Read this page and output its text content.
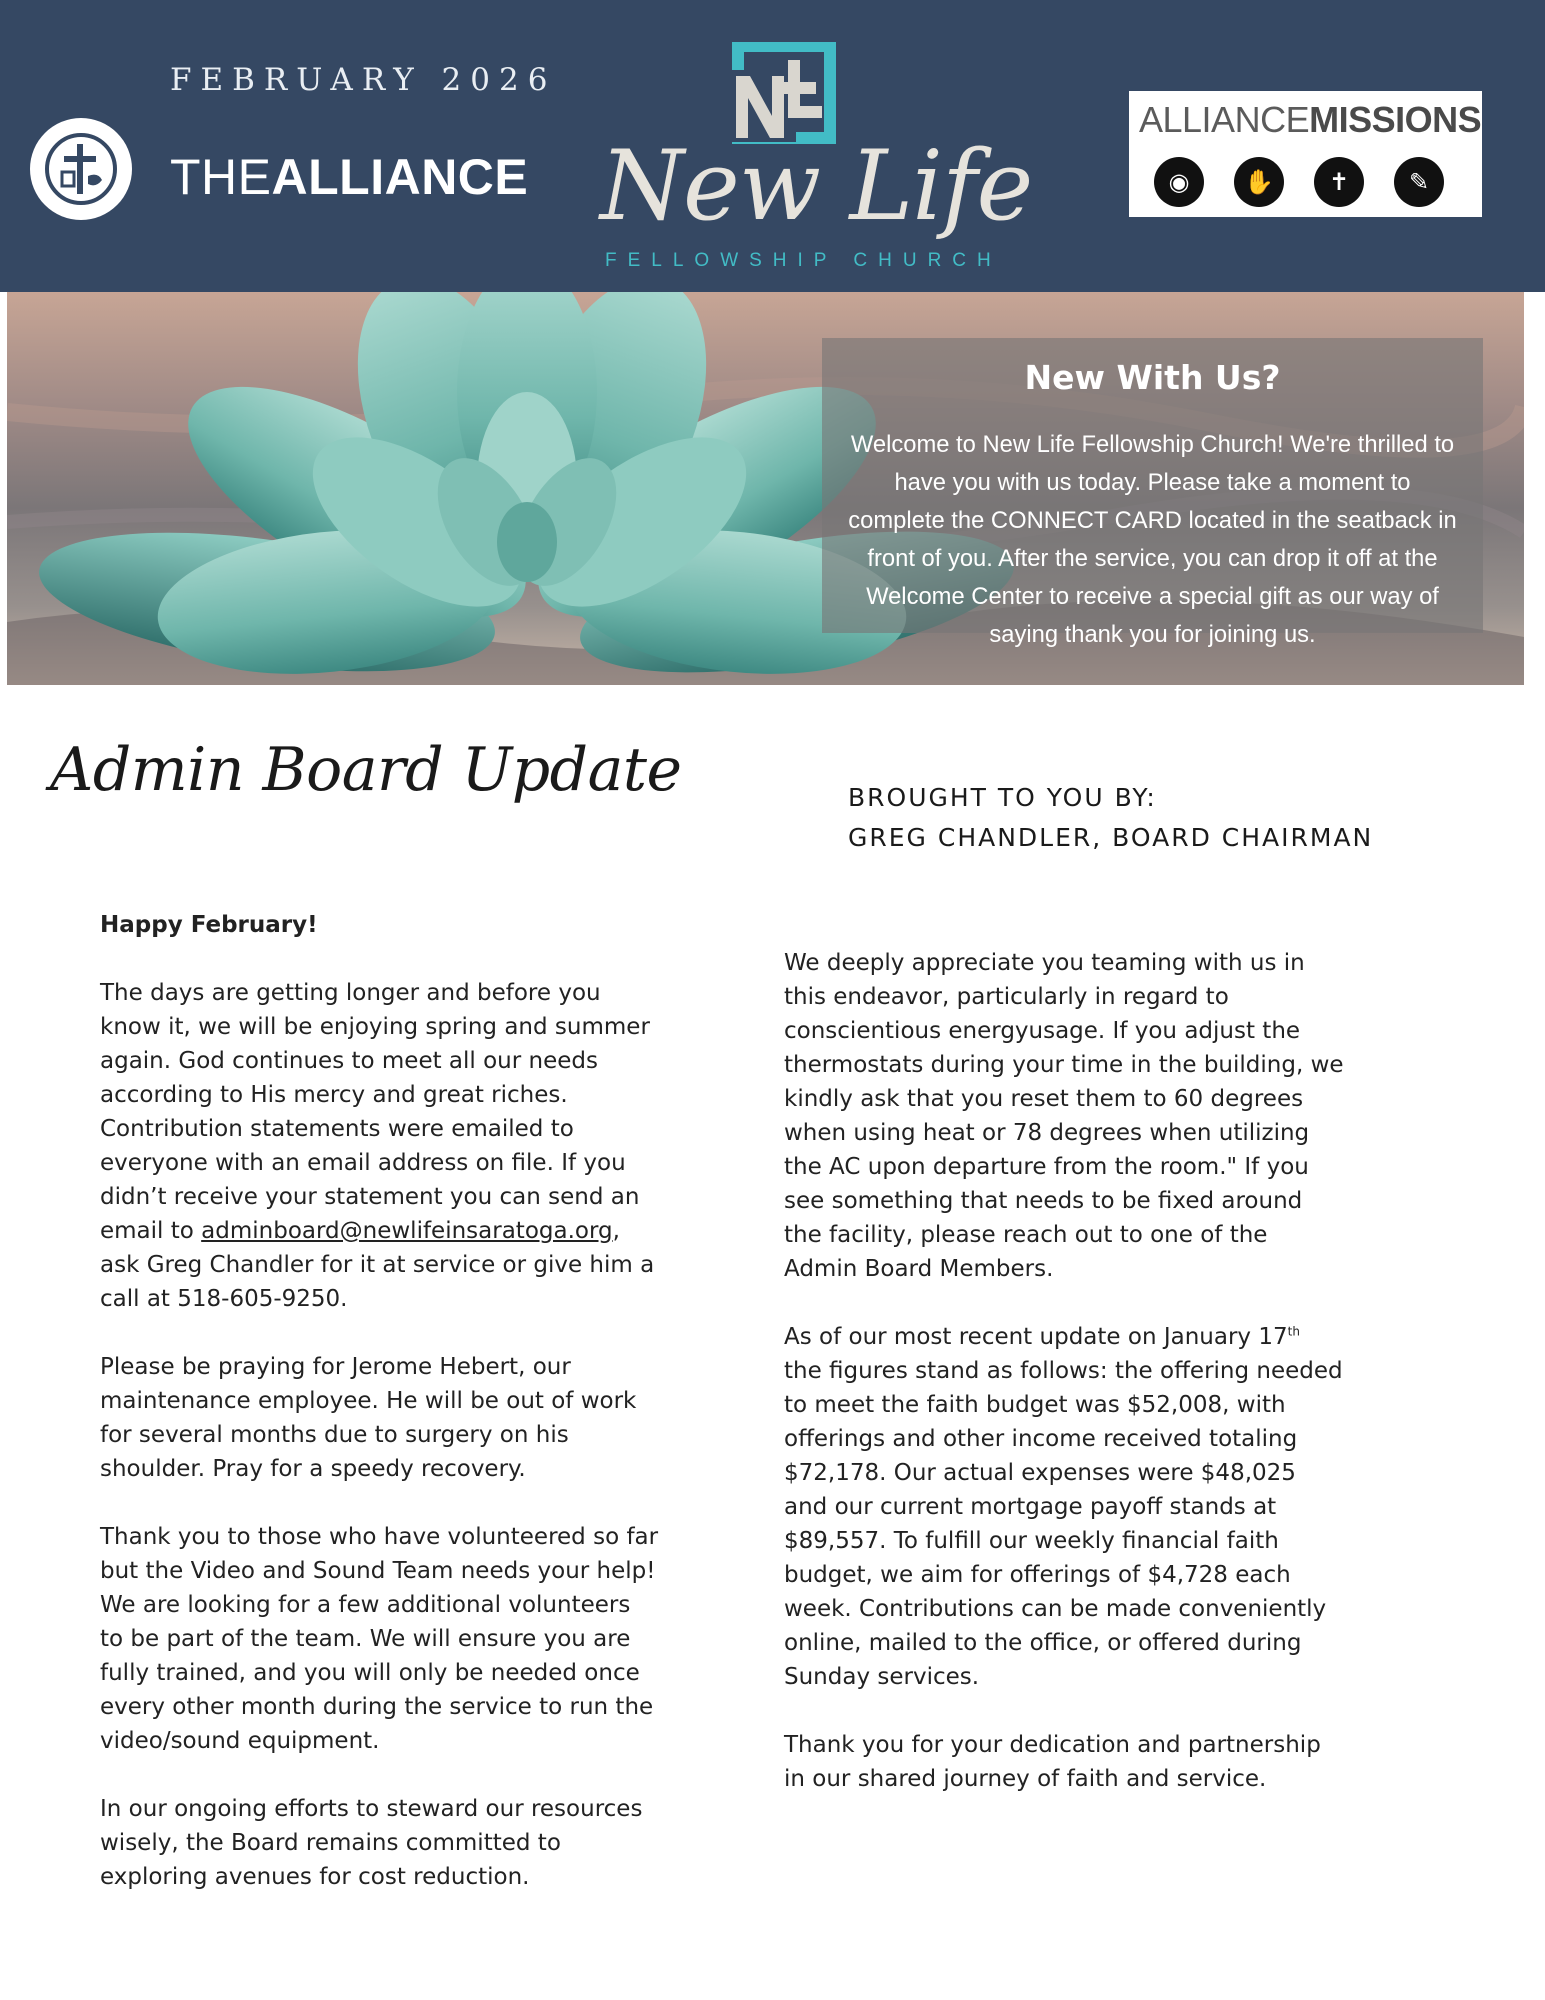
FEBRUARY 2026
THEALLIANCE New Life
FELLOWSHIP CHURCH
ALLIANCEMISSIONS
◉	✋	✝	✎
New With Us?
Welcome to New Life Fellowship Church! We're thrilled to have you with us today. Please take a moment to complete the CONNECT CARD located in the seatback in front of you. After the service, you can drop it off at the Welcome Center to receive a special gift as our way of saying thank you for joining us.
Admin Board Update	BROUGHT TO YOU BY:
GREG CHANDLER, BOARD CHAIRMAN

Happy February!

The days are getting longer and before you know it, we will be enjoying spring and summer again. God continues to meet all our needs according to His mercy and great riches. Contribution statements were emailed to everyone with an email address on file. If you didn’t receive your statement you can send an email to adminboard@newlifeinsaratoga.org, ask Greg Chandler for it at service or give him a call at 518-605-9250.

Please be praying for Jerome Hebert, our maintenance employee. He will be out of work for several months due to surgery on his shoulder. Pray for a speedy recovery.

Thank you to those who have volunteered so far but the Video and Sound Team needs your help! We are looking for a few additional volunteers to be part of the team. We will ensure you are fully trained, and you will only be needed once every other month during the service to run the video/sound equipment.

In our ongoing efforts to steward our resources wisely, the Board remains committed to exploring avenues for cost reduction.

We deeply appreciate you teaming with us in this endeavor, particularly in regard to conscientious energyusage. If you adjust the thermostats during your time in the building, we kindly ask that you reset them to 60 degrees when using heat or 78 degrees when utilizing the AC upon departure from the room." If you see something that needs to be fixed around the facility, please reach out to one of the Admin Board Members.

As of our most recent update on January 17th the figures stand as follows: the offering needed to meet the faith budget was $52,008, with offerings and other income received totaling $72,178. Our actual expenses were $48,025 and our current mortgage payoff stands at $89,557. To fulfill our weekly financial faith budget, we aim for offerings of $4,728 each week. Contributions can be made conveniently online, mailed to the office, or offered during Sunday services.

Thank you for your dedication and partnership in our shared journey of faith and service.
